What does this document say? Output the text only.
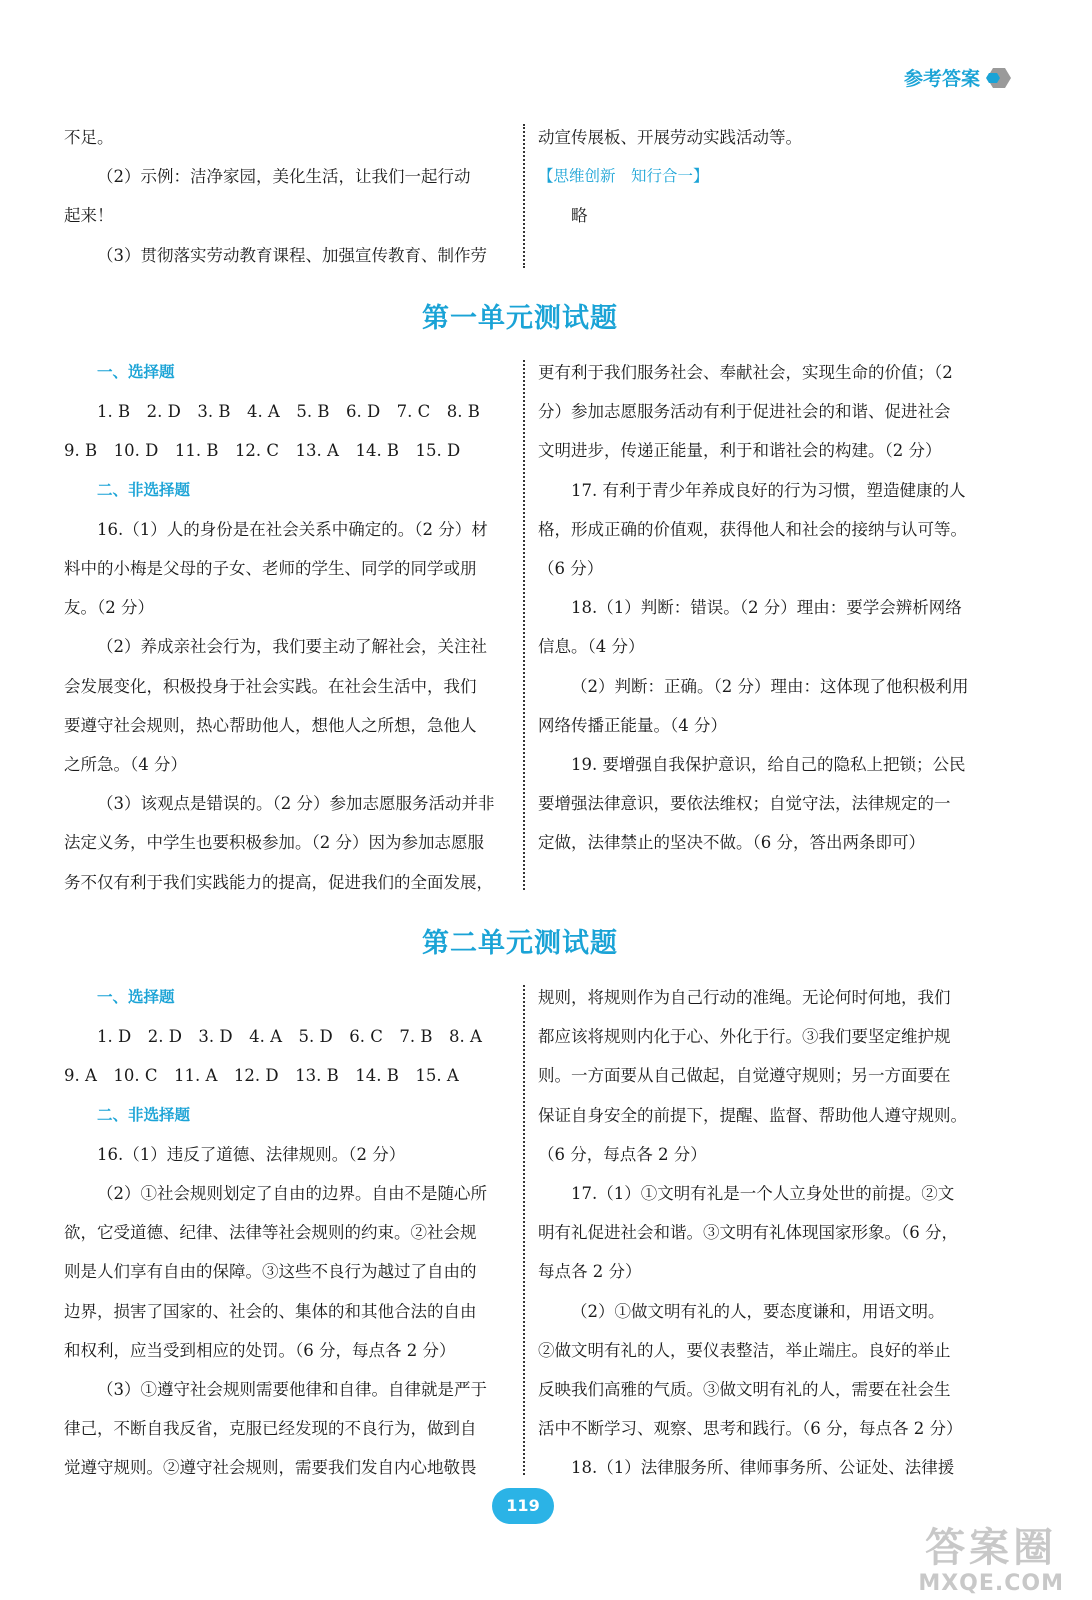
参考答案

不足。

（2）示例：洁净家园，美化生活，让我们一起行动

起来！

（3）贯彻落实劳动教育课程、加强宣传教育、制作劳

动宣传展板、开展劳动实践活动等。

【思维创新　知行合一】

略

第一单元测试题

一、选择题

1. B　2. D　3. B　4. A　5. B　6. D　7. C　8. B

9. B　10. D　11. B　12. C　13. A　14. B　15. D

二、非选择题

16.（1）人的身份是在社会关系中确定的。（2 分）材

料中的小梅是父母的子女、老师的学生、同学的同学或朋

友。（2 分）

（2）养成亲社会行为，我们要主动了解社会，关注社

会发展变化，积极投身于社会实践。在社会生活中，我们

要遵守社会规则，热心帮助他人，想他人之所想，急他人

之所急。（4 分）

（3）该观点是错误的。（2 分）参加志愿服务活动并非

法定义务，中学生也要积极参加。（2 分）因为参加志愿服

务不仅有利于我们实践能力的提高，促进我们的全面发展，

更有利于我们服务社会、奉献社会，实现生命的价值；（2

分）参加志愿服务活动有利于促进社会的和谐、促进社会

文明进步，传递正能量，利于和谐社会的构建。（2 分）

17. 有利于青少年养成良好的行为习惯，塑造健康的人

格，形成正确的价值观，获得他人和社会的接纳与认可等。

（6 分）

18.（1）判断：错误。（2 分）理由：要学会辨析网络

信息。（4 分）

（2）判断：正确。（2 分）理由：这体现了他积极利用

网络传播正能量。（4 分）

19. 要增强自我保护意识，给自己的隐私上把锁；公民

要增强法律意识，要依法维权；自觉守法，法律规定的一

定做，法律禁止的坚决不做。（6 分，答出两条即可）

第二单元测试题

一、选择题

1. D　2. D　3. D　4. A　5. D　6. C　7. B　8. A

9. A　10. C　11. A　12. D　13. B　14. B　15. A

二、非选择题

16.（1）违反了道德、法律规则。（2 分）

（2）①社会规则划定了自由的边界。自由不是随心所

欲，它受道德、纪律、法律等社会规则的约束。②社会规

则是人们享有自由的保障。③这些不良行为越过了自由的

边界，损害了国家的、社会的、集体的和其他合法的自由

和权利，应当受到相应的处罚。（6 分，每点各 2 分）

（3）①遵守社会规则需要他律和自律。自律就是严于

律己，不断自我反省，克服已经发现的不良行为，做到自

觉遵守规则。②遵守社会规则，需要我们发自内心地敬畏

规则，将规则作为自己行动的准绳。无论何时何地，我们

都应该将规则内化于心、外化于行。③我们要坚定维护规

则。一方面要从自己做起，自觉遵守规则；另一方面要在

保证自身安全的前提下，提醒、监督、帮助他人遵守规则。

（6 分，每点各 2 分）

17.（1）①文明有礼是一个人立身处世的前提。②文

明有礼促进社会和谐。③文明有礼体现国家形象。（6 分，

每点各 2 分）

（2）①做文明有礼的人，要态度谦和，用语文明。

②做文明有礼的人，要仪表整洁，举止端庄。良好的举止

反映我们高雅的气质。③做文明有礼的人，需要在社会生

活中不断学习、观察、思考和践行。（6 分，每点各 2 分）

18.（1）法律服务所、律师事务所、公证处、法律援

119
答案圈
MXQE.COM
